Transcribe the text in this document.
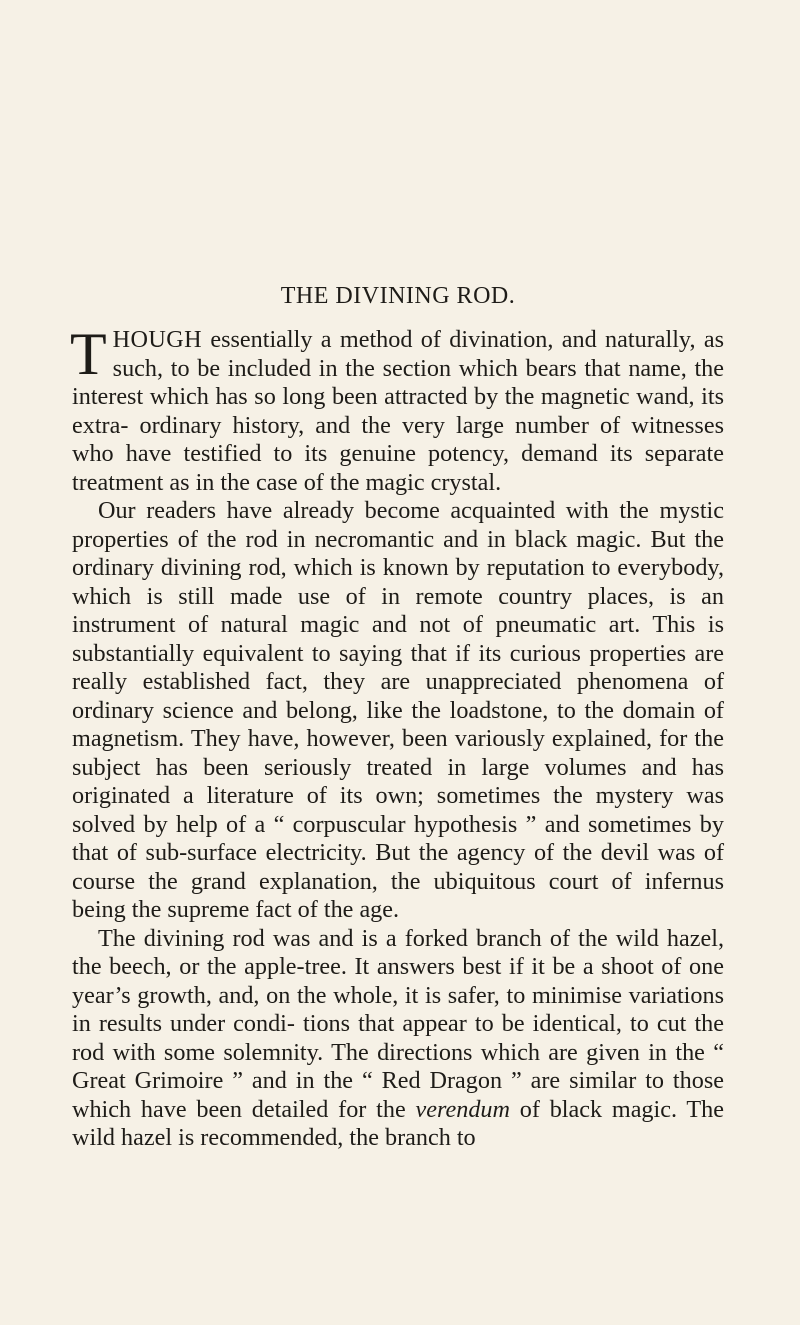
THE DIVINING ROD.

THOUGH essentially a method of divination, and naturally, as such, to be included in the section which bears that name, the interest which has so long been attracted by the magnetic wand, its extra- ordinary history, and the very large number of witnesses who have testified to its genuine potency, demand its separate treatment as in the case of the magic crystal.

Our readers have already become acquainted with the mystic properties of the rod in necromantic and in black magic. But the ordinary divining rod, which is known by reputation to everybody, which is still made use of in remote country places, is an instrument of natural magic and not of pneumatic art. This is substantially equivalent to saying that if its curious properties are really established fact, they are unappreciated phenomena of ordinary science and belong, like the loadstone, to the domain of magnetism. They have, however, been variously explained, for the subject has been seriously treated in large volumes and has originated a literature of its own; sometimes the mystery was solved by help of a “ corpuscular hypothesis ” and sometimes by that of sub-surface electricity. But the agency of the devil was of course the grand explanation, the ubiquitous court of infernus being the supreme fact of the age.

The divining rod was and is a forked branch of the wild hazel, the beech, or the apple-tree. It answers best if it be a shoot of one year’s growth, and, on the whole, it is safer, to minimise variations in results under condi- tions that appear to be identical, to cut the rod with some solemnity. The directions which are given in the “ Great Grimoire ” and in the “ Red Dragon ” are similar to those which have been detailed for the verendum of black magic. The wild hazel is recommended, the branch to
